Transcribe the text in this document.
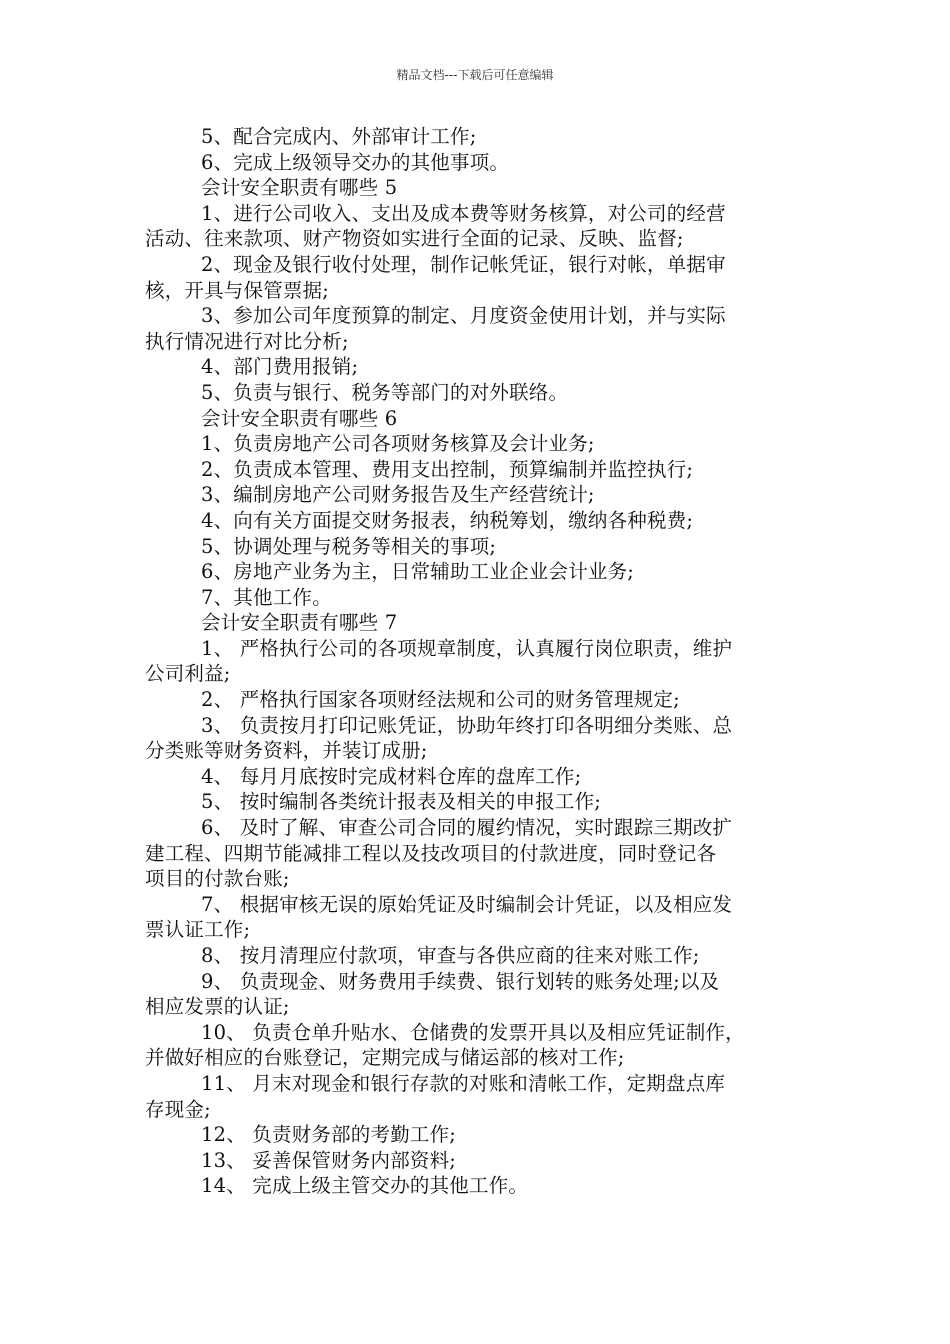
精品文档---下载后可任意编辑
5、配合完成内、外部审计工作;
6、完成上级领导交办的其他事项。
会计安全职责有哪些 5
1、进行公司收入、支出及成本费等财务核算，对公司的经营
活动、往来款项、财产物资如实进行全面的记录、反映、监督;
2、现金及银行收付处理，制作记帐凭证，银行对帐，单据审
核，开具与保管票据;
3、参加公司年度预算的制定、月度资金使用计划，并与实际
执行情况进行对比分析;
4、部门费用报销;
5、负责与银行、税务等部门的对外联络。
会计安全职责有哪些 6
1、负责房地产公司各项财务核算及会计业务;
2、负责成本管理、费用支出控制，预算编制并监控执行;
3、编制房地产公司财务报告及生产经营统计;
4、向有关方面提交财务报表，纳税筹划，缴纳各种税费;
5、协调处理与税务等相关的事项;
6、房地产业务为主，日常辅助工业企业会计业务;
7、其他工作。
会计安全职责有哪些 7
1、 严格执行公司的各项规章制度，认真履行岗位职责，维护
公司利益;
2、 严格执行国家各项财经法规和公司的财务管理规定;
3、 负责按月打印记账凭证，协助年终打印各明细分类账、总
分类账等财务资料，并装订成册;
4、 每月月底按时完成材料仓库的盘库工作;
5、 按时编制各类统计报表及相关的申报工作;
6、 及时了解、审查公司合同的履约情况，实时跟踪三期改扩
建工程、四期节能减排工程以及技改项目的付款进度，同时登记各
项目的付款台账;
7、 根据审核无误的原始凭证及时编制会计凭证，以及相应发
票认证工作;
8、 按月清理应付款项，审查与各供应商的往来对账工作;
9、 负责现金、财务费用手续费、银行划转的账务处理;以及
相应发票的认证;
10、 负责仓单升贴水、仓储费的发票开具以及相应凭证制作，
并做好相应的台账登记，定期完成与储运部的核对工作;
11、 月末对现金和银行存款的对账和清帐工作，定期盘点库
存现金;
12、 负责财务部的考勤工作;
13、 妥善保管财务内部资料;
14、 完成上级主管交办的其他工作。
